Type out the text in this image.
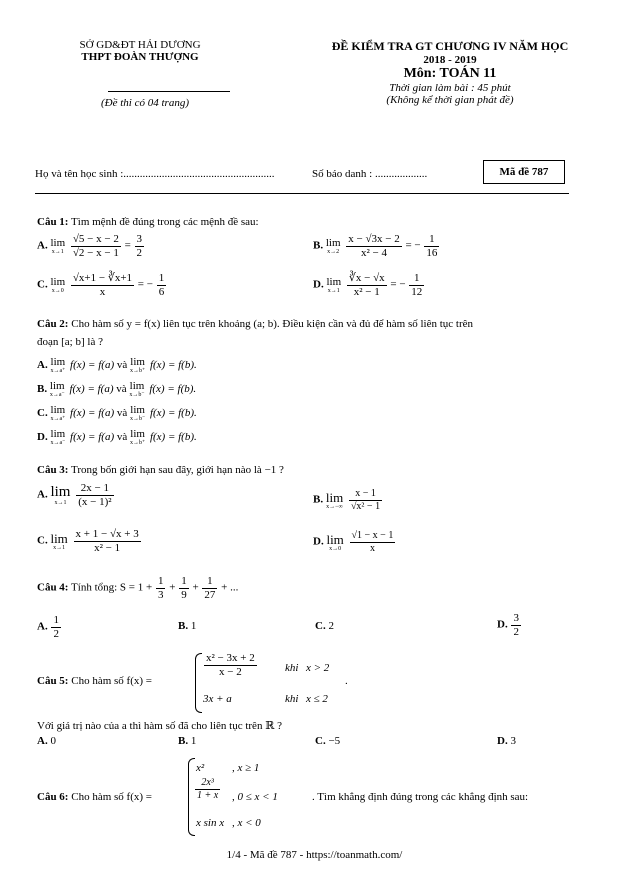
SỞ GD&ĐT HẢI DƯƠNG
THPT ĐOÀN THƯỢNG
(Đề thi có 04 trang)
ĐỀ KIỂM TRA GT CHƯƠNG IV NĂM HỌC
2018 - 2019
Môn: TOÁN 11
Thời gian làm bài : 45 phút
(Không kể thời gian phát đề)
Họ và tên học sinh :.......................................................	Số báo danh : ...................	Mã đề 787
Câu 1: Tìm mệnh đề đúng trong các mệnh đề sau:
A. lim
x→1
$\frac{√5 - x - 2}{√2 - x - 1} = \frac{3}{2}$	B. lim
x→2
$\frac{x - √3x - 2}{\text{x² − 4}}$ = − $\frac{1}{16}$
C. lim
x→0
$\frac{√x+1 - ∛x+1}{x}$ = − $\frac{1}{6}$	D. lim
x→1
$\frac{∛x - √x}{\text{x² − 1}}$ = − $\frac{1}{12}$
Câu 2: Cho hàm số y = f(x) liên tục trên khoảng (a; b). Điều kiện cần và đủ để hàm số liên tục trên
đoạn [a; b] là ?
A. lim
x→a⁺ f(x) = f(a) và lim
x→b⁺ f(x) = f(b).
B. lim
x→a⁻ f(x) = f(a) và lim
x→b⁻ f(x) = f(b).
C. lim
x→a⁺ f(x) = f(a) và lim
x→b⁻ f(x) = f(b).
D. lim
x→a⁻ f(x) = f(a) và lim
x→b⁺ f(x) = f(b).
Câu 3: Trong bốn giới hạn sau đây, giới hạn nào là −1 ?
A. lim
x→1
$\frac{2x - 1}{\text{(x − 1)²}}$	B. lim
x→−∞
$\frac{x - 1}{\text{√x² − 1}}$
C. lim
x→1
$\frac{x + 1 - √x + 3}{\text{x² − 1}}$	D. lim
x→0
$\frac{√1 - x - 1}{x}$
Câu 4: Tính tổng: $S = 1 + \frac{1}{3} + \frac{1}{9} + \frac{1}{27}$ + ...
A. $\frac{1}{2}$	B. 1	C. 2	D. $\frac{3}{2}$
Câu 5: Cho hàm số f(x) =
$\frac{\text{x² − 3x + 2}}{x - 2}$	khi x > 2
3x + a	khi x ≤ 2
.
Với giá trị nào của a thì hàm số đã cho liên tục trên ℝ ?
A. 0	B. 1	C. −5	D. 3
Câu 6: Cho hàm số f(x) =
x²	, x ≥ 1
$\frac{\text{2x³}}{1 + x}$ , 0 ≤ x < 1	. Tìm khẳng định đúng trong các khẳng định sau:
x sin x , x < 0
1/4 - Mã đề 787 - https://toanmath.com/
